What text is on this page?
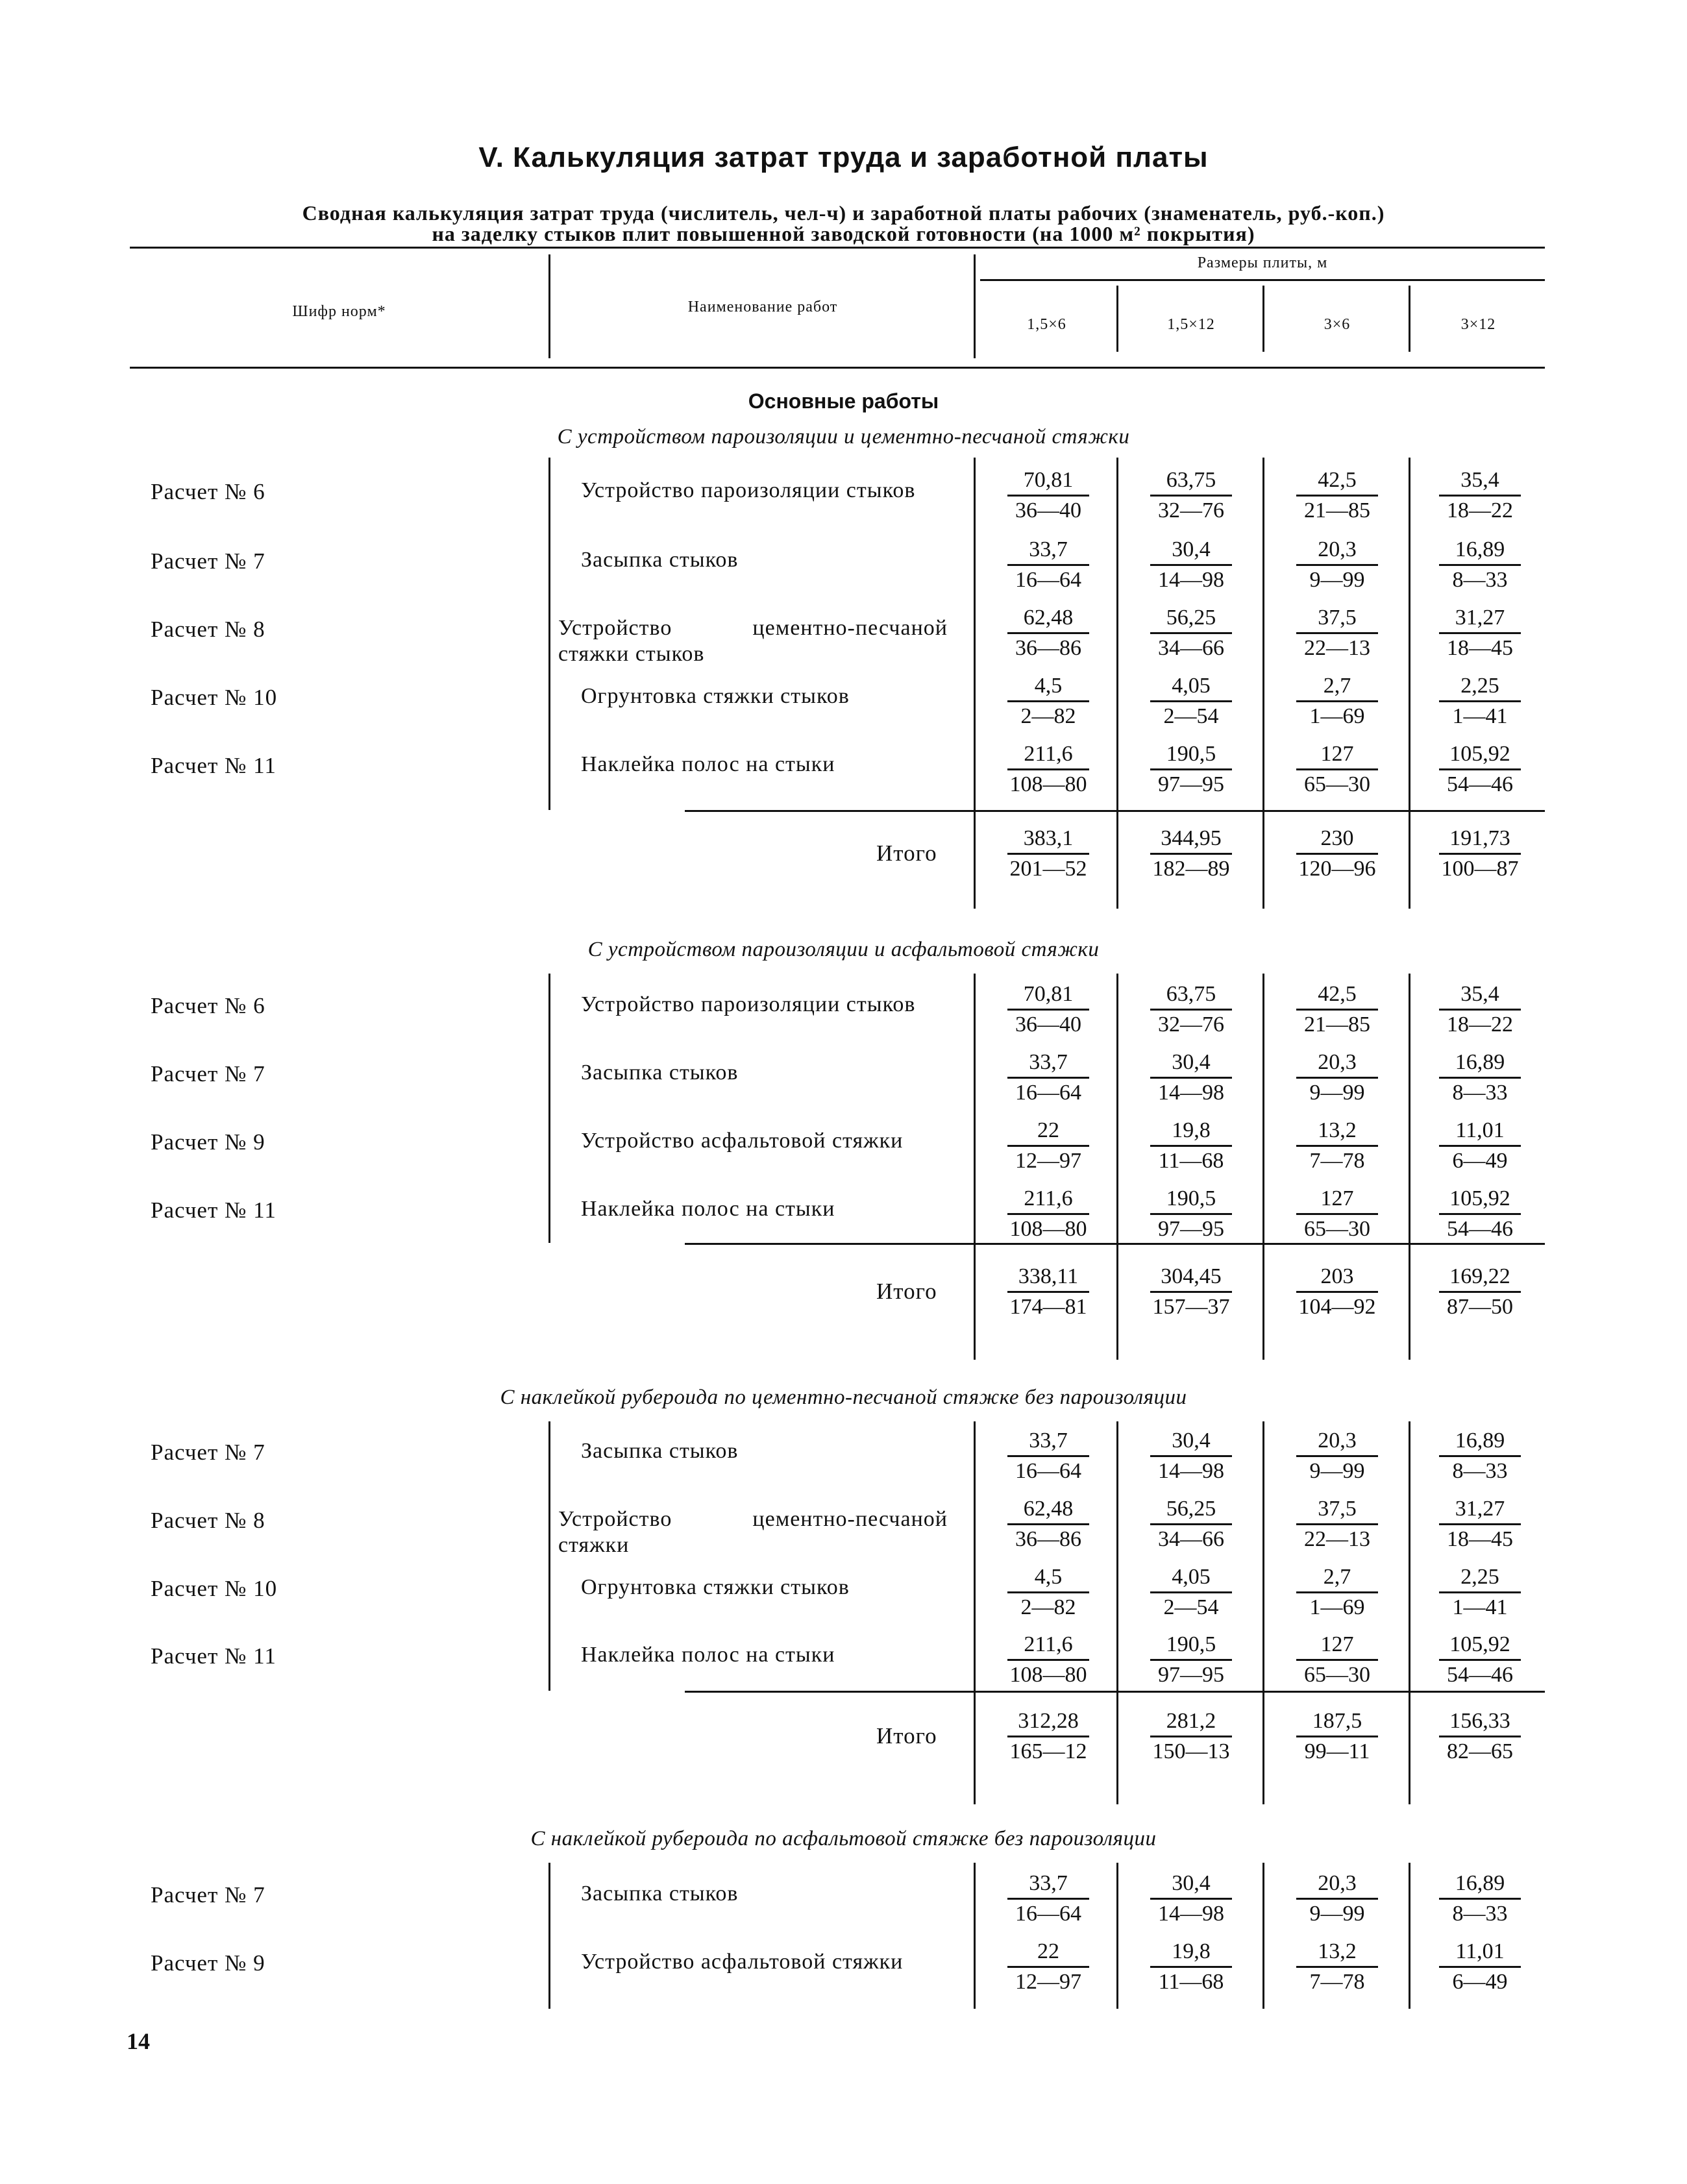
V. Калькуляция затрат труда и заработной платы
Сводная калькуляция затрат труда (числитель, чел-ч) и заработной платы рабочих (знаменатель, руб.-коп.)
на заделку стыков плит повышенной заводской готовности (на 1000 м² покрытия)
Шифр норм*	Наименование работ
Размеры плиты, м
1,5×6	1,5×12	3×6	3×12
Основные работы
С устройством пароизоляции и цементно-песчаной стяжки
Расчет № 6	Устройство пароизоляции стыков	$\frac{70,81}{36—40} \frac{63,75}{32—76} \frac{42,5}{21—85} \frac{35,4}{18—22}$
Расчет № 7	Засыпка стыков	$\frac{33,7}{16—64} \frac{30,4}{14—98} \frac{20,3}{9—99} \frac{16,89}{8—33}$
Расчет № 8	Устройство цементно-песчаной стяжки стыков	$\frac{62,48}{36—86} \frac{56,25}{34—66} \frac{37,5}{22—13} \frac{31,27}{18—45}$
Расчет № 10	Огрунтовка стяжки стыков	$\frac{4,5}{2—82} \frac{4,05}{2—54} \frac{2,7}{1—69} \frac{2,25}{1—41}$
Расчет № 11	Наклейка полос на стыки	$\frac{211,6}{108—80} \frac{190,5}{97—95} \frac{127}{65—30} \frac{105,92}{54—46}$
Итого	$\frac{383,1}{201—52} \frac{344,95}{182—89} \frac{230}{120—96} \frac{191,73}{100—87}$
С устройством пароизоляции и асфальтовой стяжки
Расчет № 6	Устройство пароизоляции стыков	$\frac{70,81}{36—40} \frac{63,75}{32—76} \frac{42,5}{21—85} \frac{35,4}{18—22}$
Расчет № 7	Засыпка стыков	$\frac{33,7}{16—64} \frac{30,4}{14—98} \frac{20,3}{9—99} \frac{16,89}{8—33}$
Расчет № 9	Устройство асфальтовой стяжки	$\frac{22}{12—97} \frac{19,8}{11—68} \frac{13,2}{7—78} \frac{11,01}{6—49}$
Расчет № 11	Наклейка полос на стыки	$\frac{211,6}{108—80} \frac{190,5}{97—95} \frac{127}{65—30} \frac{105,92}{54—46}$
Итого	$\frac{338,11}{174—81} \frac{304,45}{157—37} \frac{203}{104—92} \frac{169,22}{87—50}$
С наклейкой рубероида по цементно-песчаной стяжке без пароизоляции
Расчет № 7	Засыпка стыков	$\frac{33,7}{16—64} \frac{30,4}{14—98} \frac{20,3}{9—99} \frac{16,89}{8—33}$
Расчет № 8	Устройство цементно-песчаной стяжки	$\frac{62,48}{36—86} \frac{56,25}{34—66} \frac{37,5}{22—13} \frac{31,27}{18—45}$
Расчет № 10	Огрунтовка стяжки стыков	$\frac{4,5}{2—82} \frac{4,05}{2—54} \frac{2,7}{1—69} \frac{2,25}{1—41}$
Расчет № 11	Наклейка полос на стыки	$\frac{211,6}{108—80} \frac{190,5}{97—95} \frac{127}{65—30} \frac{105,92}{54—46}$
Итого	$\frac{312,28}{165—12} \frac{281,2}{150—13} \frac{187,5}{99—11} \frac{156,33}{82—65}$
С наклейкой рубероида по асфальтовой стяжке без пароизоляции
Расчет № 7	Засыпка стыков	$\frac{33,7}{16—64} \frac{30,4}{14—98} \frac{20,3}{9—99} \frac{16,89}{8—33}$
Расчет № 9	Устройство асфальтовой стяжки	$\frac{22}{12—97} \frac{19,8}{11—68} \frac{13,2}{7—78} \frac{11,01}{6—49}$
14
